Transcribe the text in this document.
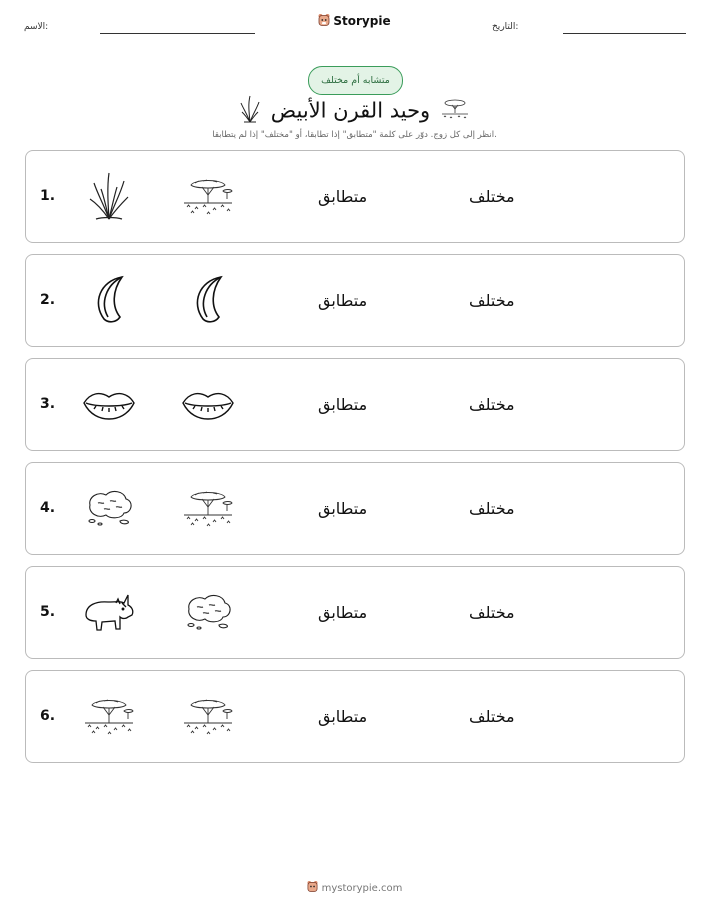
الاسم:	Storypie	التاريخ:
متشابه أم مختلف
وحيد القرن الأبيض
انظر إلى كل زوج. دوّر على كلمة "متطابق" إذا تطابقا، أو "مختلف" إذا لم يتطابقا.
1.	متطابق	مختلف
2.	متطابق	مختلف
3.	متطابق	مختلف
4.	متطابق	مختلف
5.	متطابق	مختلف
6.	متطابق	مختلف
mystorypie.com
